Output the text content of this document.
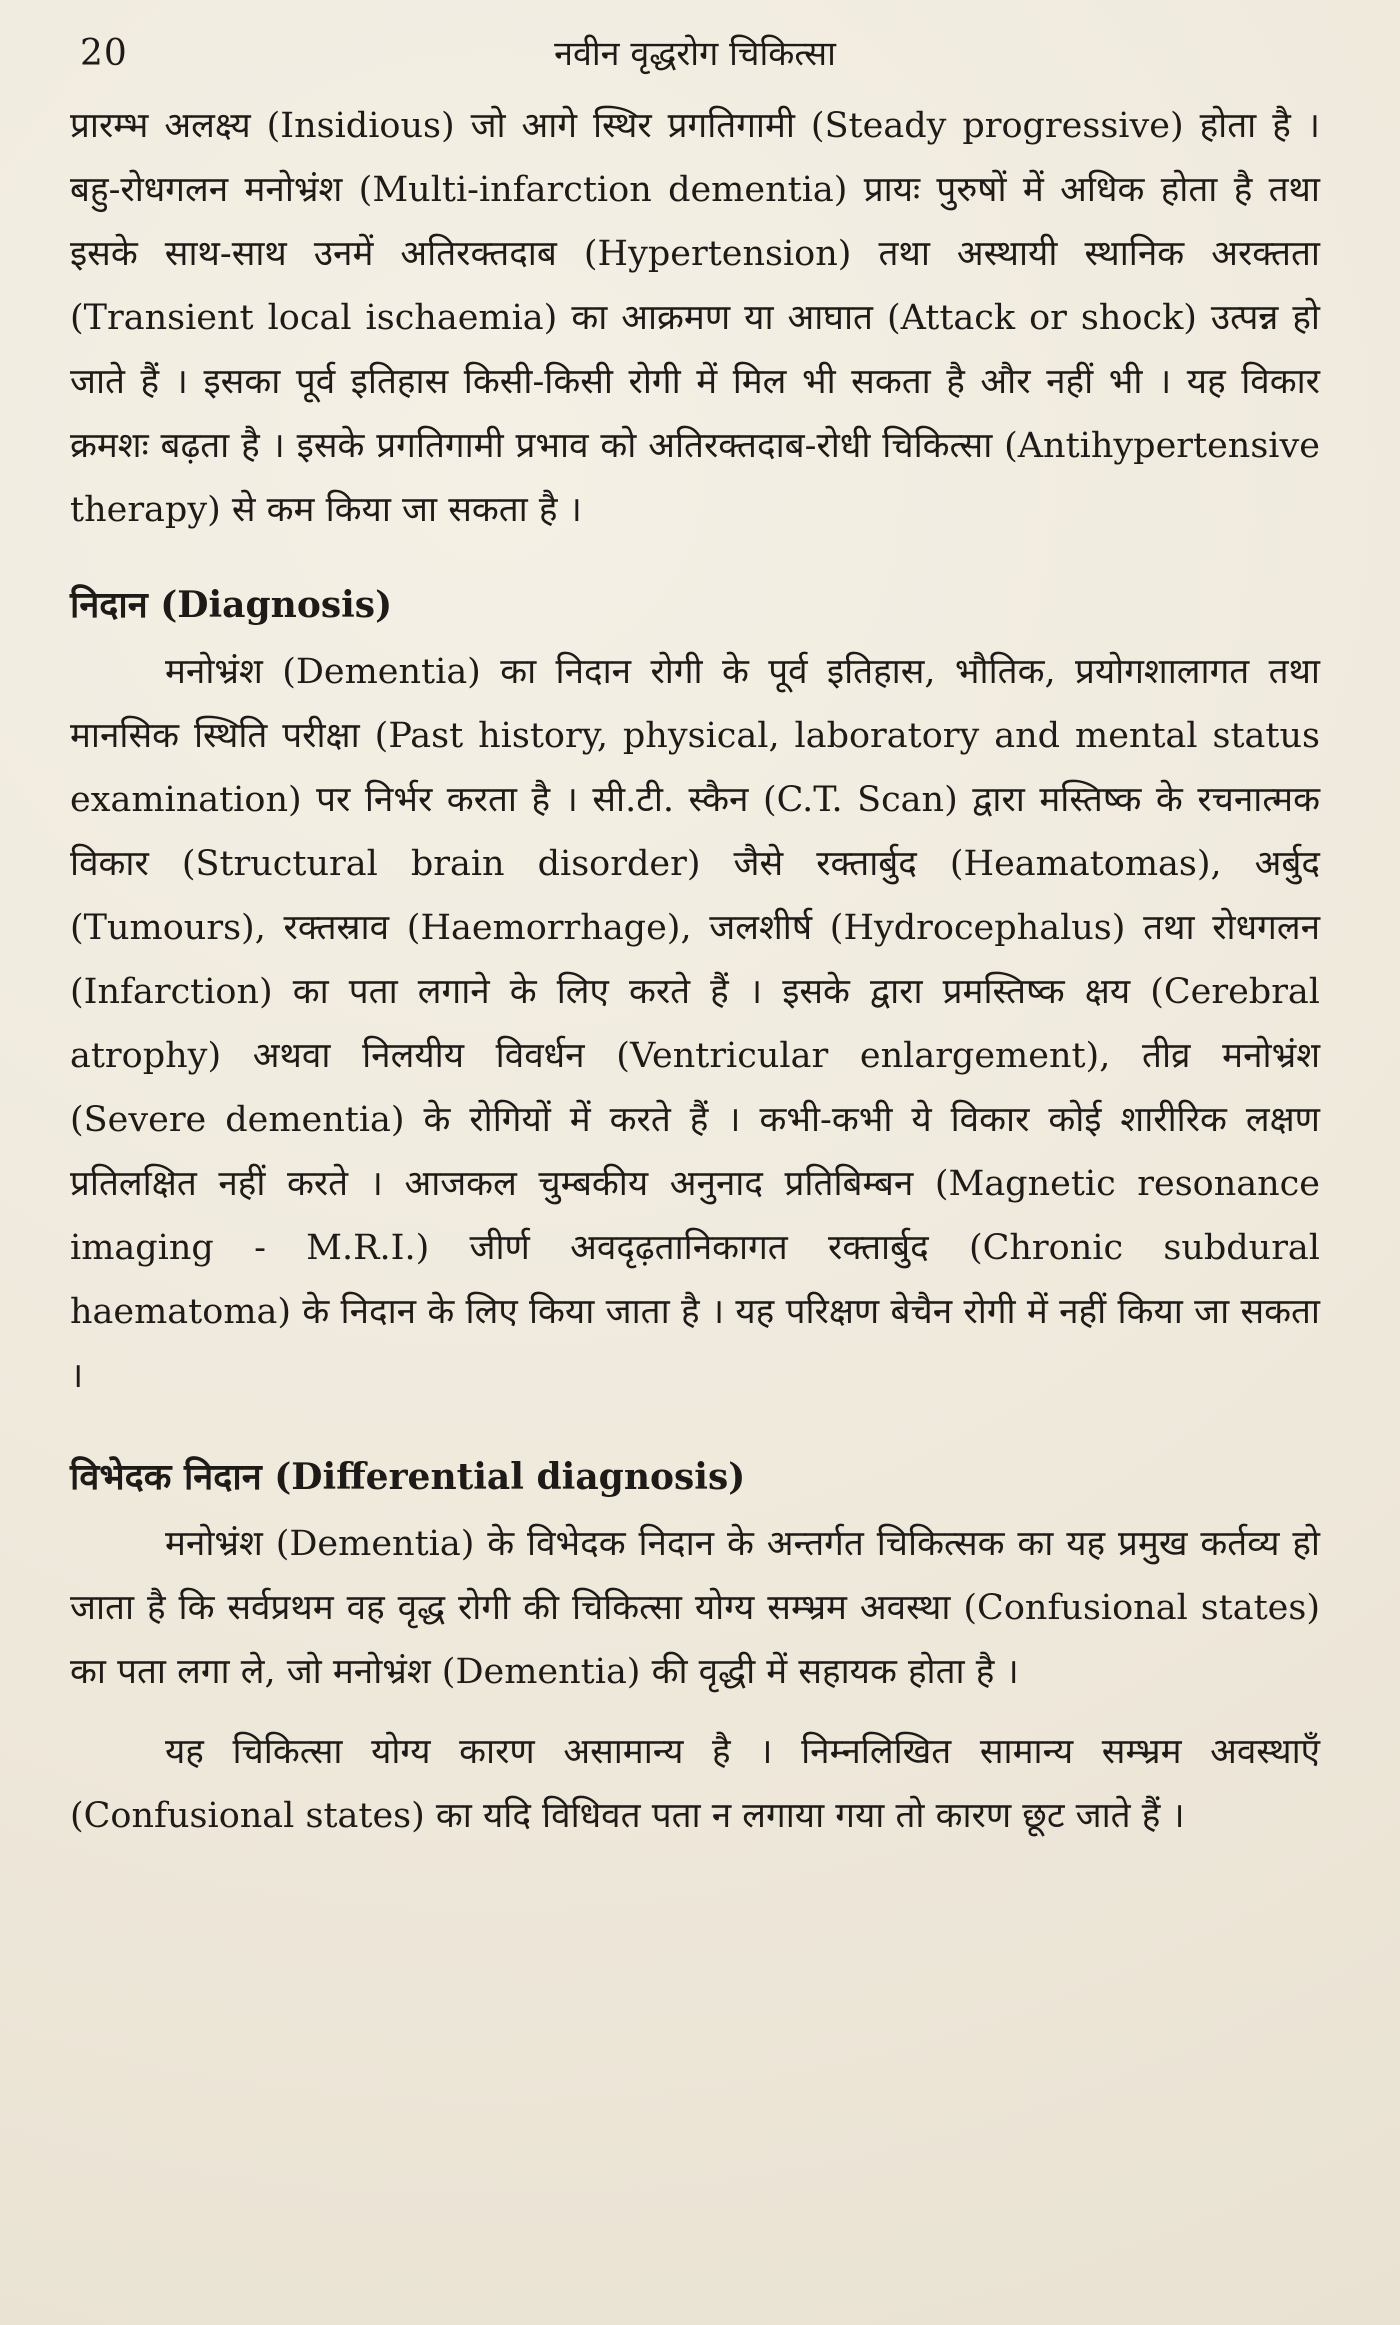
20	नवीन वृद्धरोग चिकित्सा

प्रारम्भ अलक्ष्य (Insidious) जो आगे स्थिर प्रगतिगामी (Steady progressive) होता है । बहु-रोधगलन मनोभ्रंश (Multi-infarction dementia) प्रायः पुरुषों में अधिक होता है तथा इसके साथ-साथ उनमें अतिरक्तदाब (Hypertension) तथा अस्थायी स्थानिक अरक्तता (Transient local ischaemia) का आक्रमण या आघात (Attack or shock) उत्पन्न हो जाते हैं । इसका पूर्व इतिहास किसी-किसी रोगी में मिल भी सकता है और नहीं भी । यह विकार क्रमशः बढ़ता है । इसके प्रगतिगामी प्रभाव को अतिरक्तदाब-रोधी चिकित्सा (Antihypertensive therapy) से कम किया जा सकता है ।

निदान (Diagnosis)

मनोभ्रंश (Dementia) का निदान रोगी के पूर्व इतिहास, भौतिक, प्रयोगशालागत तथा मानसिक स्थिति परीक्षा (Past history, physical, laboratory and mental status examination) पर निर्भर करता है । सी.टी. स्कैन (C.T. Scan) द्वारा मस्तिष्क के रचनात्मक विकार (Structural brain disorder) जैसे रक्तार्बुद (Heamatomas), अर्बुद (Tumours), रक्तस्राव (Haemorrhage), जलशीर्ष (Hydrocephalus) तथा रोधगलन (Infarction) का पता लगाने के लिए करते हैं । इसके द्वारा प्रमस्तिष्क क्षय (Cerebral atrophy) अथवा निलयीय विवर्धन (Ventricular enlargement), तीव्र मनोभ्रंश (Severe dementia) के रोगियों में करते हैं । कभी-कभी ये विकार कोई शारीरिक लक्षण प्रतिलक्षित नहीं करते । आजकल चुम्बकीय अनुनाद प्रतिबिम्बन (Magnetic resonance imaging - M.R.I.) जीर्ण अवदृढ़तानिकागत रक्तार्बुद (Chronic subdural haematoma) के निदान के लिए किया जाता है । यह परिक्षण बेचैन रोगी में नहीं किया जा सकता ।

विभेदक निदान (Differential diagnosis)

मनोभ्रंश (Dementia) के विभेदक निदान के अन्तर्गत चिकित्सक का यह प्रमुख कर्तव्य हो जाता है कि सर्वप्रथम वह वृद्ध रोगी की चिकित्सा योग्य सम्भ्रम अवस्था (Confusional states) का पता लगा ले, जो मनोभ्रंश (Dementia) की वृद्धी में सहायक होता है ।

यह चिकित्सा योग्य कारण असामान्य है । निम्नलिखित सामान्य सम्भ्रम अवस्थाएँ (Confusional states) का यदि विधिवत पता न लगाया गया तो कारण छूट जाते हैं ।
